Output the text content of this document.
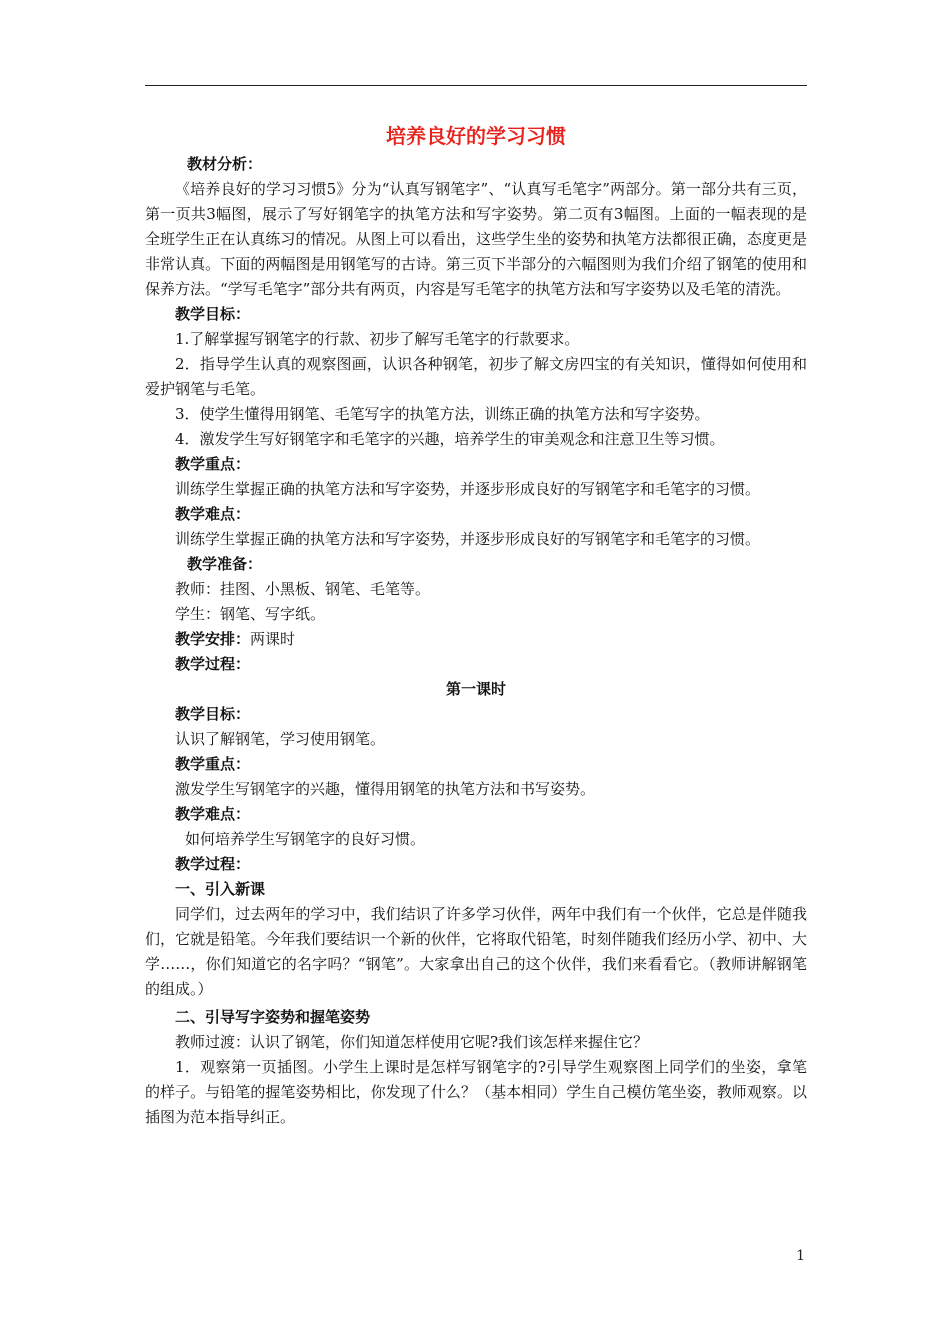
培养良好的学习习惯
教材分析：

《培养良好的学习习惯5》分为“认真写钢笔字”、“认真写毛笔字”两部分。第一部分共有三页，第一页共3幅图，展示了写好钢笔字的执笔方法和写字姿势。第二页有3幅图。上面的一幅表现的是全班学生正在认真练习的情况。从图上可以看出，这些学生坐的姿势和执笔方法都很正确，态度更是非常认真。下面的两幅图是用钢笔写的古诗。第三页下半部分的六幅图则为我们介绍了钢笔的使用和保养方法。“学写毛笔字”部分共有两页，内容是写毛笔字的执笔方法和写字姿势以及毛笔的清洗。

教学目标：

1.了解掌握写钢笔字的行款、初步了解写毛笔字的行款要求。

2．指导学生认真的观察图画，认识各种钢笔，初步了解文房四宝的有关知识，懂得如何使用和爱护钢笔与毛笔。

3．使学生懂得用钢笔、毛笔写字的执笔方法，训练正确的执笔方法和写字姿势。

4．激发学生写好钢笔字和毛笔字的兴趣，培养学生的审美观念和注意卫生等习惯。

教学重点：

训练学生掌握正确的执笔方法和写字姿势，并逐步形成良好的写钢笔字和毛笔字的习惯。

教学难点：

训练学生掌握正确的执笔方法和写字姿势，并逐步形成良好的写钢笔字和毛笔字的习惯。

教学准备：
教师：挂图、小黑板、钢笔、毛笔等。
学生：钢笔、写字纸。
教学安排：两课时
教学过程：
第一课时
教学目标：
认识了解钢笔，学习使用钢笔。
教学重点：
激发学生写钢笔字的兴趣，懂得用钢笔的执笔方法和书写姿势。
教学难点：
如何培养学生写钢笔字的良好习惯。
教学过程：
一、引入新课

同学们，过去两年的学习中，我们结识了许多学习伙伴，两年中我们有一个伙伴，它总是伴随我们，它就是铅笔。今年我们要结识一个新的伙伴，它将取代铅笔，时刻伴随我们经历小学、初中、大学……，你们知道它的名字吗？“钢笔”。大家拿出自己的这个伙伴，我们来看看它。（教师讲解钢笔的组成。）

二、引导写字姿势和握笔姿势

教师过渡：认识了钢笔，你们知道怎样使用它呢?我们该怎样来握住它？

1．观察第一页插图。小学生上课时是怎样写钢笔字的?引导学生观察图上同学们的坐姿，拿笔的样子。与铅笔的握笔姿势相比，你发现了什么？（基本相同）学生自己模仿笔坐姿，教师观察。以插图为范本指导纠正。

1
